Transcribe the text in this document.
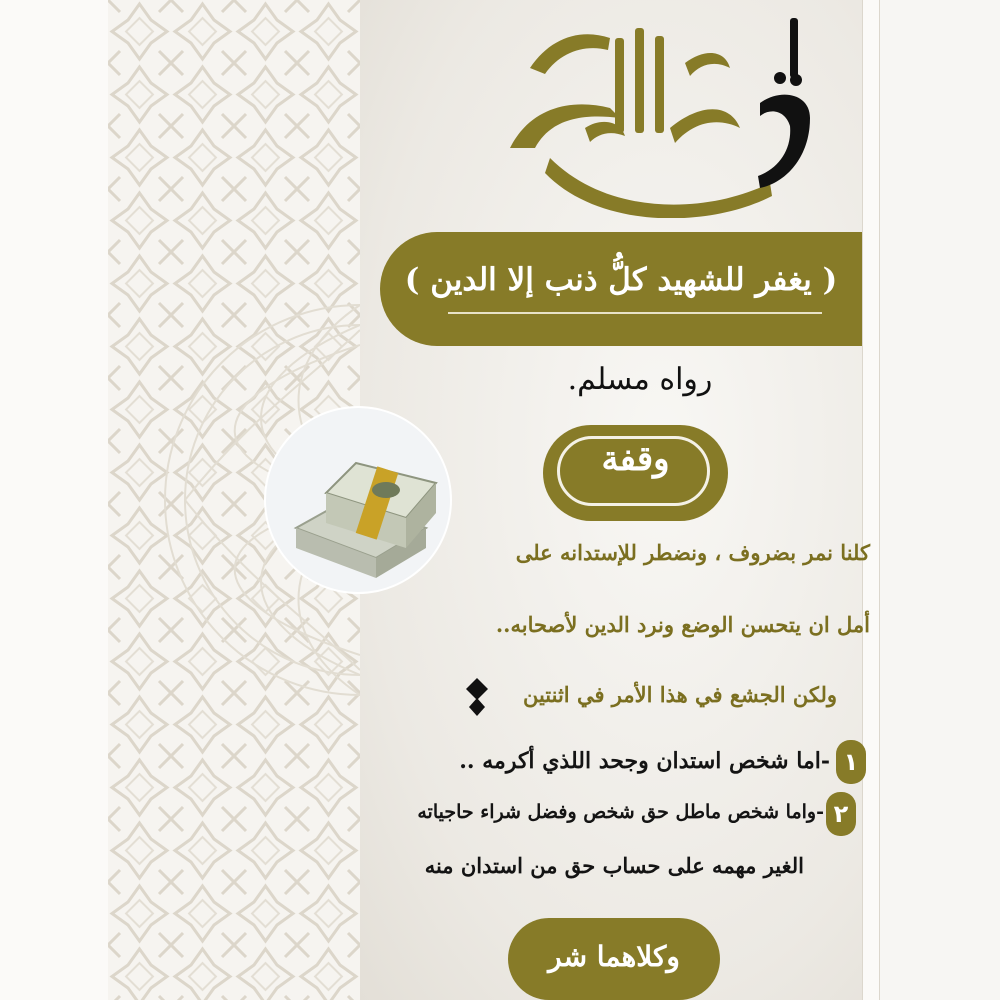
( يغفر للشهيد كلُّ ذنب إلا الدين )
رواه مسلم.
وقفة
كلنا نمر بضروف ، ونضطر للإستدانه على
أمل ان يتحسن الوضع ونرد الدين لأصحابه..
ولكن الجشع في هذا الأمر في اثنتين
١
-اما شخص استدان وجحد اللذي أكرمه ..
٢
-واما شخص ماطل حق شخص وفضل شراء حاجياته
الغير مهمه على حساب حق من استدان منه
وكلاهما شر
